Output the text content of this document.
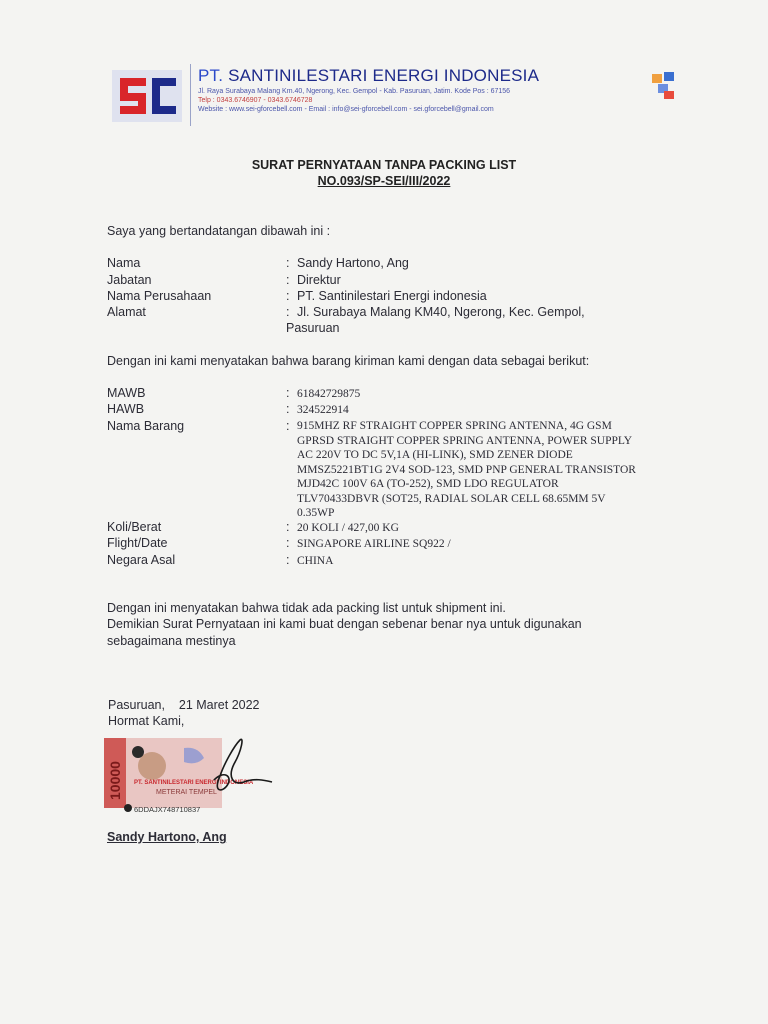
PT. SANTINILESTARI ENERGI INDONESIA
Jl. Raya Surabaya Malang Km.40, Ngerong, Kec. Gempol - Kab. Pasuruan, Jatim. Kode Pos : 67156
Telp : 0343.6746907 - 0343.6746728
Website : www.sei-gforcebell.com - Email : info@sei-gforcebell.com - sei.gforcebell@gmail.com
SURAT PERNYATAAN TANPA PACKING LIST
NO.093/SP-SEI/III/2022
Saya yang bertandatangan dibawah ini :
Nama	: Sandy Hartono, Ang
Jabatan	: Direktur
Nama Perusahaan	: PT. Santinilestari Energi indonesia
Alamat	: Jl. Surabaya Malang KM40, Ngerong, Kec. Gempol,
Pasuruan
Dengan ini kami menyatakan bahwa barang kiriman kami dengan data sebagai berikut:
MAWB	: 61842729875
HAWB	: 324522914
Nama Barang	: 915MHZ RF STRAIGHT COPPER SPRING ANTENNA, 4G GSM GPRSD STRAIGHT COPPER SPRING ANTENNA, POWER SUPPLY AC 220V TO DC 5V,1A (HI-LINK), SMD ZENER DIODE MMSZ5221BT1G 2V4 SOD-123, SMD PNP GENERAL TRANSISTOR MJD42C 100V 6A (TO-252), SMD LDO REGULATOR TLV70433DBVR (SOT25, RADIAL SOLAR CELL 68.65MM 5V 0.35WP
Koli/Berat	: 20 KOLI / 427,00 KG
Flight/Date	: SINGAPORE AIRLINE SQ922 /
Negara Asal	: CHINA
Dengan ini menyatakan bahwa tidak ada packing list untuk shipment ini.
Demikian Surat Pernyataan ini kami buat dengan sebenar benar nya untuk digunakan
sebagaimana mestinya
Pasuruan, 21 Maret 2022
Hormat Kami,
10000 PT. SANTINILESTARI ENERGI INDONESIA
METERAI TEMPEL
6DDAJX748710837
Sandy Hartono, Ang
